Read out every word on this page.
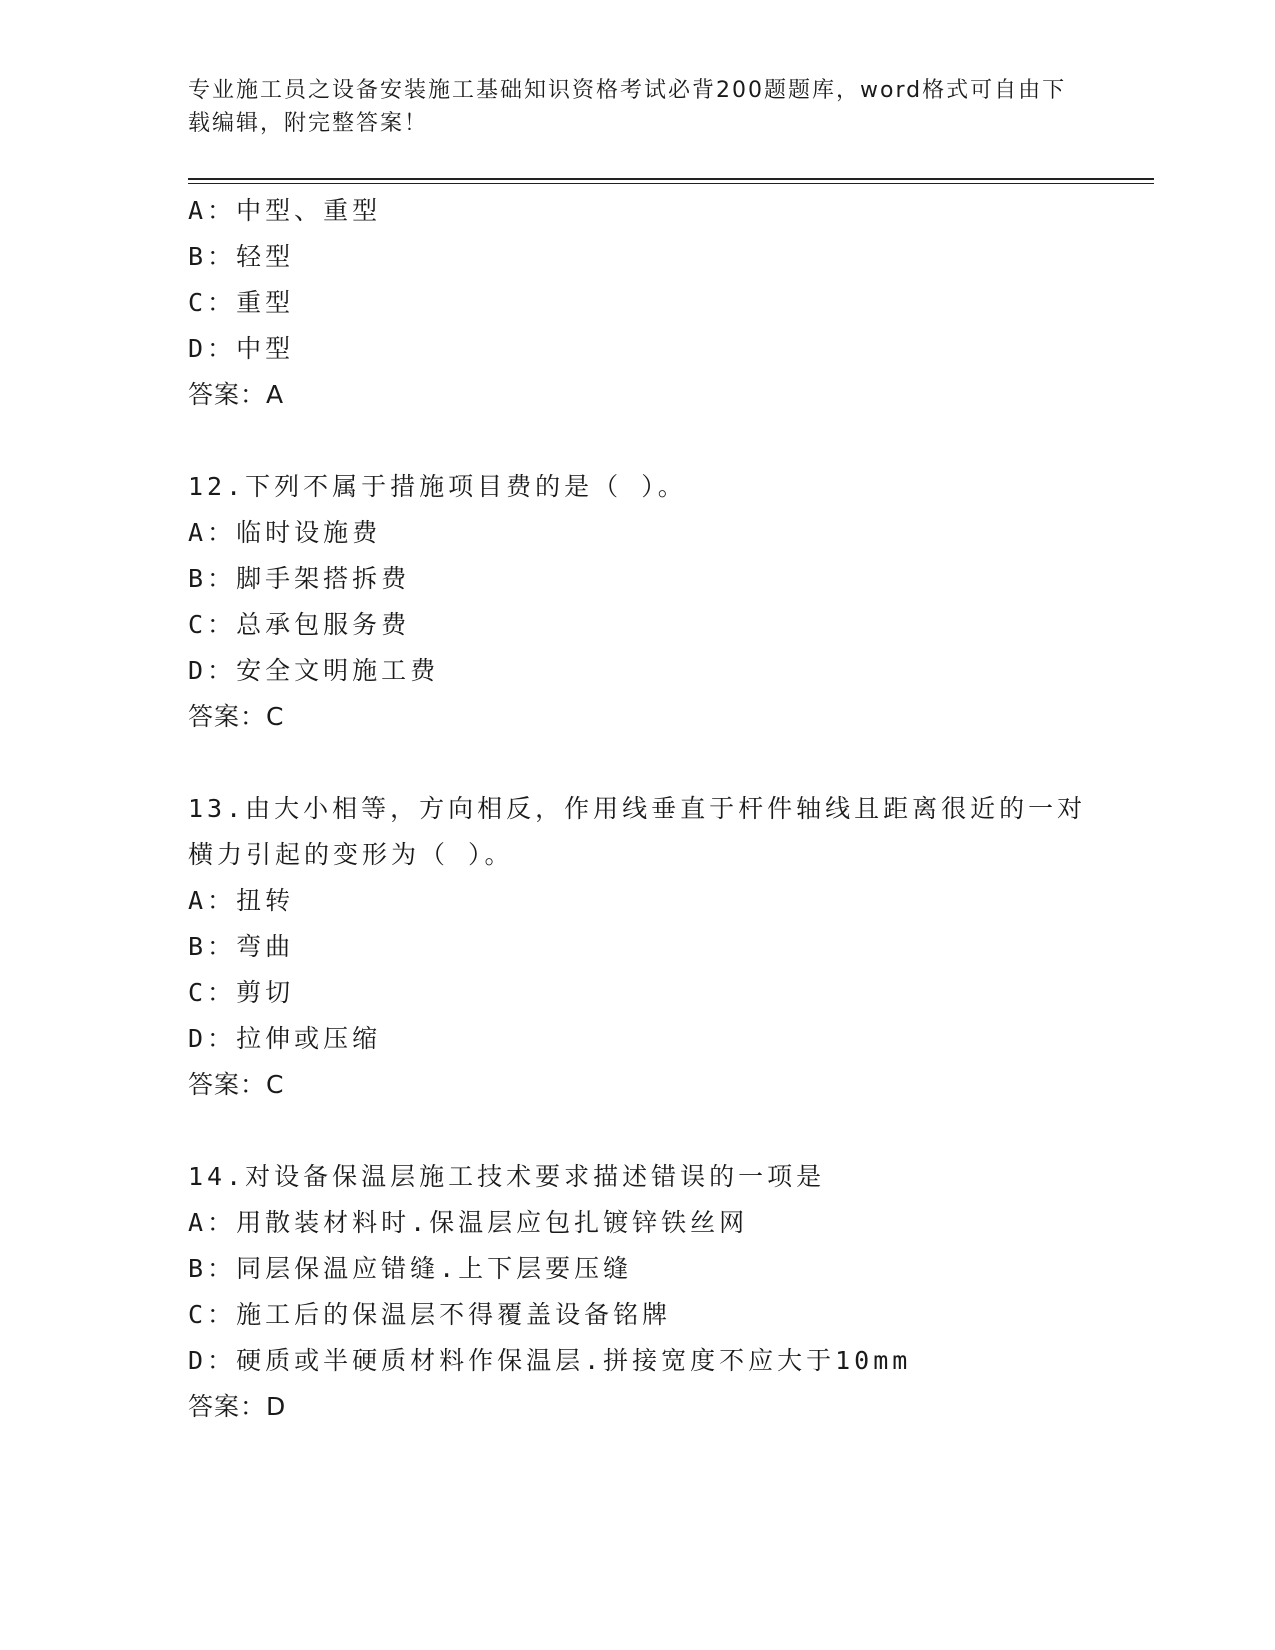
专业施工员之设备安装施工基础知识资格考试必背200题题库，word格式可自由下载编辑，附完整答案！

A：中型、重型

B：轻型

C：重型

D：中型

答案：A

12.下列不属于措施项目费的是（ ）。

A：临时设施费

B：脚手架搭拆费

C：总承包服务费

D：安全文明施工费

答案：C

13.由大小相等，方向相反，作用线垂直于杆件轴线且距离很近的一对

横力引起的变形为（ ）。

A：扭转

B：弯曲

C：剪切

D：拉伸或压缩

答案：C

14.对设备保温层施工技术要求描述错误的一项是

A：用散装材料时.保温层应包扎镀锌铁丝网

B：同层保温应错缝.上下层要压缝

C：施工后的保温层不得覆盖设备铭牌

D：硬质或半硬质材料作保温层.拼接宽度不应大于10mm

答案：D
